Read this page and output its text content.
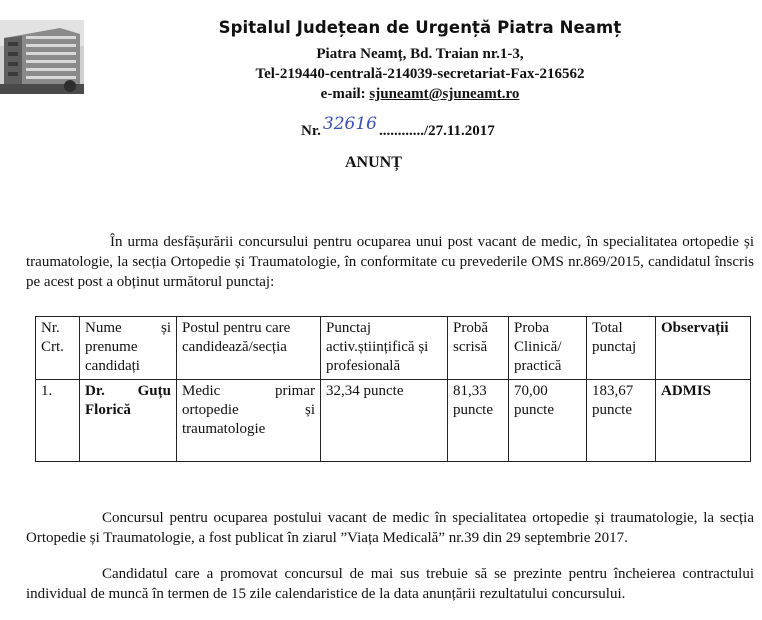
Spitalul Județean de Urgență Piatra Neamț
Piatra Neamț, Bd. Traian nr.1-3,
Tel-219440-centrală-214039-secretariat-Fax-216562
e-mail: sjuneamt@sjuneamt.ro
Nr. 32616 ............/27.11.2017
ANUNȚ
În urma desfășurării concursului pentru ocuparea unui post vacant de medic, în specialitatea ortopedie și traumatologie, la secția Ortopedie și Traumatologie, în conformitate cu prevederile OMS nr.869/2015, candidatul înscris pe acest post a obținut următorul punctaj:
Nr. Crt.	Nume și prenume candidați	Postul pentru care candidează/secția	Punctaj activ.științifică și profesională	Probă scrisă	Proba Clinică/ practică	Total punctaj	Observații
1.	Dr. Guțu Florică	Medic primar ortopedie și traumatologie	32,34 puncte	81,33 puncte	70,00 puncte	183,67 puncte	ADMIS
Concursul pentru ocuparea postului vacant de medic în specialitatea ortopedie și traumatologie, la secția Ortopedie și Traumatologie, a fost publicat în ziarul ”Viața Medicală” nr.39 din 29 septembrie 2017.
Candidatul care a promovat concursul de mai sus trebuie să se prezinte pentru încheierea contractului individual de muncă în termen de 15 zile calendaristice de la data anunțării rezultatului concursului.
